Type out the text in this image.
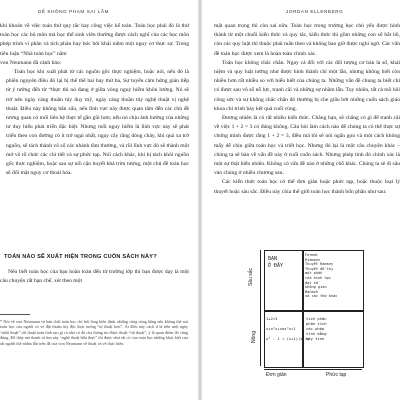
DỄ KHÔNG PHẠM SAI LẦM

khi khoán về việc toán thứ quy tắc hay công việc kế toán. Toán học phải đó là thứ toán học các bộ môn mà học thể sinh viên thường được cách nghĩ của các học môn phép trình vi phân và tích phân hay bóc bỏi khái niệm một nguy cơ thực sự. Trong tiêu luận “Nhà toán học” năm

von Neumann đã cảnh báo:

Toán học khi xuất phát từ các nguồn gốc thực nghiệm, hoặc nói, nếu đó là phiên nguyên điều đó lại bị thế thể hai hay thứ ba, Sự tuyển cảm hứng gián tiếp từ ý tưởng đến từ “thực thì nó đang ở giữa vòng nguy hiểm khôn lường. Nó sẽ trở nên ngày càng thuần túy duy mỹ, ngày càng thuần túy nghệ thuật vị nghệ thuật. Điều này không hẳn xấu, nếu lĩnh vực này được quan tâm đến các chủ đề tương quan có mối liên hệ thực tế gần gũi hơn; nếu nó chịu ảnh hưởng của những tư duy hiểu phát triển đặc biệt. Nhưng mối nguy hiểm là lĩnh vực này sẽ phát triển theo con đường có ít trở ngại nhất, ngay cây rằng dòng chảy, khi quá xa trở nguồn, sẽ tách thành vô số các nhánh tầm thường, và rồi lĩnh vực đó sẽ thành một mớ vô tổ chức các chi tiết và sự phức tạp. Nói cách khác, khi bị tách khỏi nguồn gốc thực nghiệm, hoặc sau sự nối cận huyết khá trừu tượng, một chủ đề toán học sẽ đối mặt nguy cơ thoái hóa.

TOÁN NÀO SẼ XUẤT HIỆN TRONG CUỐN SÁCH NÀY?

Nếu biết toán học của bạn hoàn toàn đến từ trường lớp thì bạn được dạy là một câu chuyện rất hạn chế, xét theo một

* Nói về von Neumann và bản chất toán học chỉ bởi lòng kiên định, những công cùng hằng nếu không thể nói toán học của người có vẻ đặt thuần túy đặc thực tương “tự thuật hơn”. Ai điều này cách ứ là trên một ngày “nhất thuật” rời thuật toán tình sao gì cả nhà có đủ cha thông tin được thuật “rất thuật”, ý là quan điểm đó cũng đúng. Để thấy mà thanh tư tìm này “nghệ thuật hữu thực” thì được như rất có của toán học những khác biệt của rất người thể nhầm lẫn trên đã của von Neumann về thuật và về thực hiện.
JORDAN ELLENBERG

mặt quan trọng thì còn sai nữa. Toán học trong trường học chủ yếu được hình thành từ một chuỗi kiến thức và quy tắc, kiến thức thì gồm những con số bắt bồ, còn các quy luật thì thuộc phải tuân theo và không bao giờ được nghi ngờ. Các vấn đề toán học được xem là hoàn toàn chính xác.

Toán học không chắc chắn. Ngay cả đối với các đối tượng cơ bản là số, khái niệm và quy luật tưởng như được hình thành chỉ một lần, nhưng không biết còn nhiều hơn rất nhiều so với hiểu biết của chúng ta. Những vấn đề chung ta biết chỉ có được sau vô số nỗ lực, tranh cãi và những sự nhầm lẫn. Tuy nhiên, tất cả mồ hôi công sức và sự không chắc chắn đó thường bị che giấu bởi những cuốn sách giáo khoa chỉ trình bày kết quả cuối cùng.

Đương nhiên là có rất nhiều kiến thức. Chẳng hạn, sẽ chẳng có gì để tranh cãi về việc 1 + 2 = 3 có đúng không. Câu hỏi làm cách nào để chúng ta có thể thực sự chứng minh được rằng 1 + 2 = 3, điều mà tôi sẽ nói ngắn gọn và một cách không mấy dễ chịu giữa toán học và triết học. Nhưng đó lại là một câu chuyện khác – chúng ta sẽ bàn về vấn đề này ở cuối cuốn sách. Nhưng phép tính đó chính xác là một sự thật hiển nhiên. Không có vấn đề nào ở những chỗ khác. Chúng ta sẽ đi sâu vào chúng ở nhiều chương sau.

Các kiến thức toán học có thể đơn giản hoặc phức tạp, hoặc thuộc loại lý thuyết hoặc sâu sắc. Điều này chia thể giới toán học thành bốn phần như sau:

BẠN
Ở ĐÂY
Fermat
Riemann
Thuyết Ramsey
Thuyết đồ thị
một phần
của hình học
đại số
không gian
Banach
và các thứ khác
1+2=3

sin²x+cos²x=1

x² - 1 = (x+1)(x-1)
tích phân
phân tích
các phép
tính bằng
máy tính
Sâu sắc
Nông
Đơn giản	Phức tạp
